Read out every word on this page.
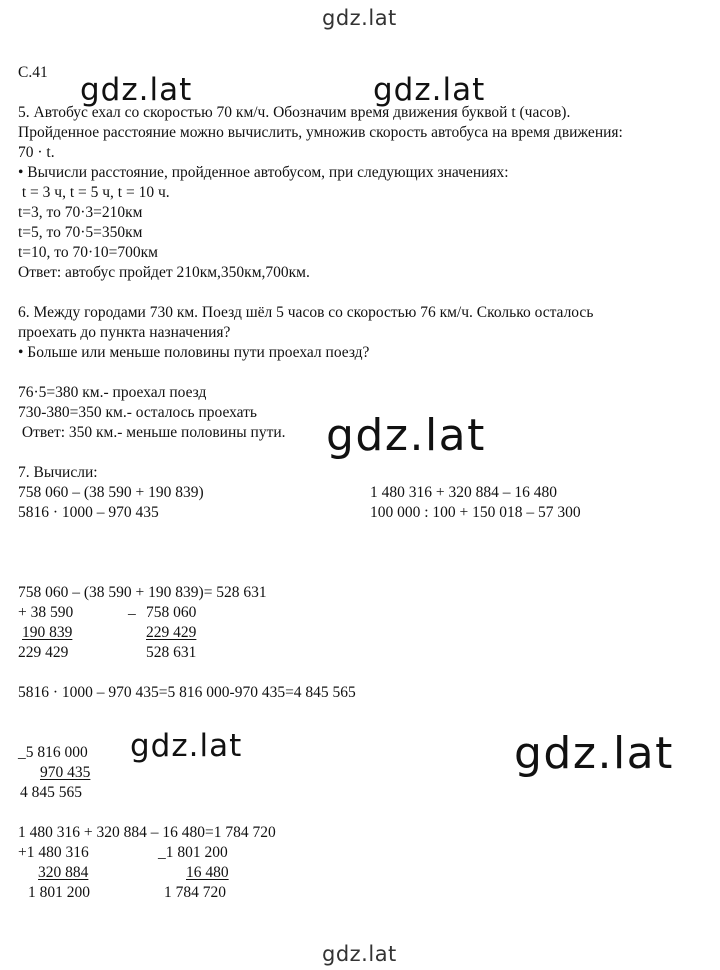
gdz.lat
gdz.lat	gdz.lat
gdz.lat
gdz.lat	gdz.lat
gdz.lat
С.41
5. Автобус ехал со скоростью 70 км/ч. Обозначим время движения буквой t (часов).
Пройденное расстояние можно вычислить, умножив скорость автобуса на время движения:
70 · t.
• Вычисли расстояние, пройденное автобусом, при следующих значениях:
t = 3 ч, t = 5 ч, t = 10 ч.
t=3, то 70·3=210км
t=5, то 70·5=350км
t=10, то 70·10=700км
Ответ: автобус пройдет 210км,350км,700км.
6. Между городами 730 км. Поезд шёл 5 часов со скоростью 76 км/ч. Сколько осталось
проехать до пункта назначения?
• Больше или меньше половины пути проехал поезд?
76·5=380 км.- проехал поезд
730-380=350 км.- осталось проехать
Ответ: 350 км.- меньше половины пути.
7. Вычисли:
758 060 – (38 590 + 190 839)
5816 · 1000 – 970 435
1 480 316 + 320 884 – 16 480
100 000 : 100 + 150 018 – 57 300
758 060 – (38 590 + 190 839)= 528 631
+ 38 590
190 839
229 429
_ 758 060
229 429
528 631
5816 · 1000 – 970 435=5 816 000-970 435=4 845 565
_5 816 000
970 435
4 845 565
1 480 316 + 320 884 – 16 480=1 784 720
+1 480 316
320 884
1 801 200
_1 801 200
16 480
1 784 720
